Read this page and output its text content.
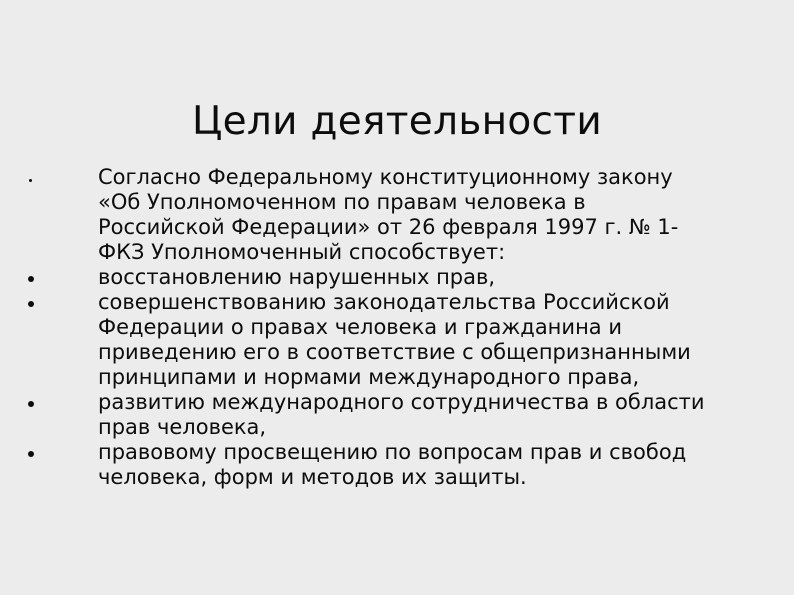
Цели деятельности
Согласно Федеральному конституционному закону
«Об Уполномоченном по правам человека в
Российской Федерации» от 26 февраля 1997 г. № 1-
ФКЗ Уполномоченный способствует:
восстановлению нарушенных прав,
совершенствованию законодательства Российской
Федерации о правах человека и гражданина и
приведению его в соответствие с общепризнанными
принципами и нормами международного права,
развитию международного сотрудничества в области
прав человека,
правовому просвещению по вопросам прав и свобод
человека, форм и методов их защиты.
